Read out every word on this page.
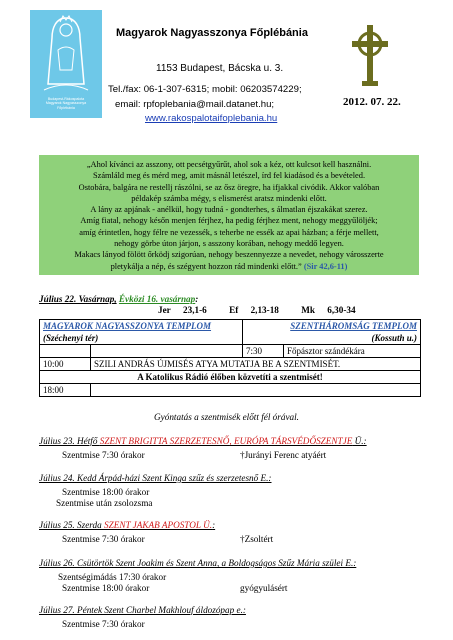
Budapest-Rákospalota
Magyarok Nagyasszonya
Főplébánia
Magyarok Nagyasszonya Főplébánia
1153 Budapest, Bácska u. 3.
Tel./fax: 06-1-307-6315; mobil: 06203574229;
email: rpfoplebania@mail.datanet.hu;
www.rakospalotaifoplebania.hu
2012. 07. 22.
„Ahol kívánci az asszony, ott pecsétgyűrűt, ahol sok a kéz, ott kulcsot kell használni.
Számláld meg és mérd meg, amit másnál letészel, írd fel kiadásod és a bevételed.
Ostobára, balgára ne restellj rászólni, se az ősz öregre, ha ifjakkal civódik. Akkor valóban
példakép számba mégy, s elismerést aratsz mindenki előtt.
A lány az apjának - anélkül, hogy tudná - gondterhes, s álmatlan éjszakákat szerez.
Amíg fiatal, nehogy későn menjen férjhez, ha pedig férjhez ment, nehogy meggyűlöljék;
amíg érintetlen, hogy félre ne vezessék, s teherbe ne essék az apai házban; a férje mellett,
nehogy görbe úton járjon, s asszony korában, nehogy meddő legyen.
Makacs lányod fölött őrködj szigorúan, nehogy beszennyezze a nevedet, nehogy városszerte
pletykálja a nép, és szégyent hozzon rád mindenki előtt.” (Sir 42,6-11)
Július 22. Vasárnap, Évközi 16. vasárnap:
Jer 23,1-6 Ef 2,13-18 Mk 6,30-34
MAGYAROK NAGYASSZONYA TEMPLOM		SZENTHÁROMSÁG TEMPLOM	
(Széchenyi tér)		(Kossuth u.)	
		7:30	Főpásztor szándékára
10:00	SZILI ANDRÁS ÚJMISÉS ATYA MUTATJA BE A SZENTMISÉT.		
A Katolikus Rádió élőben közvetíti a szentmisét!			
18:00			
Gyóntatás a szentmisék előtt fél órával.
Július 23. Hétfő SZENT BRIGITTA SZERZETESNŐ, EURÓPA TÁRSVÉDŐSZENTJE Ü.:
Szentmise 7:30 órakor	†Jurányi Ferenc atyáért
Július 24. Kedd Árpád-házi Szent Kinga szűz és szerzetesnő E.:
Szentmise 18:00 órakor
Szentmise után zsolozsma
Július 25. Szerda SZENT JAKAB APOSTOL Ü.:
Szentmise 7:30 órakor	†Zsoltért
Július 26. Csütörtök Szent Joakim és Szent Anna, a Boldogságos Szűz Mária szülei E.:
Szentségimádás 17:30 órakor
Szentmise 18:00 órakor	gyógyulásért
Július 27. Péntek Szent Charbel Makhlouf áldozópap e.:
Szentmise 7:30 órakor
